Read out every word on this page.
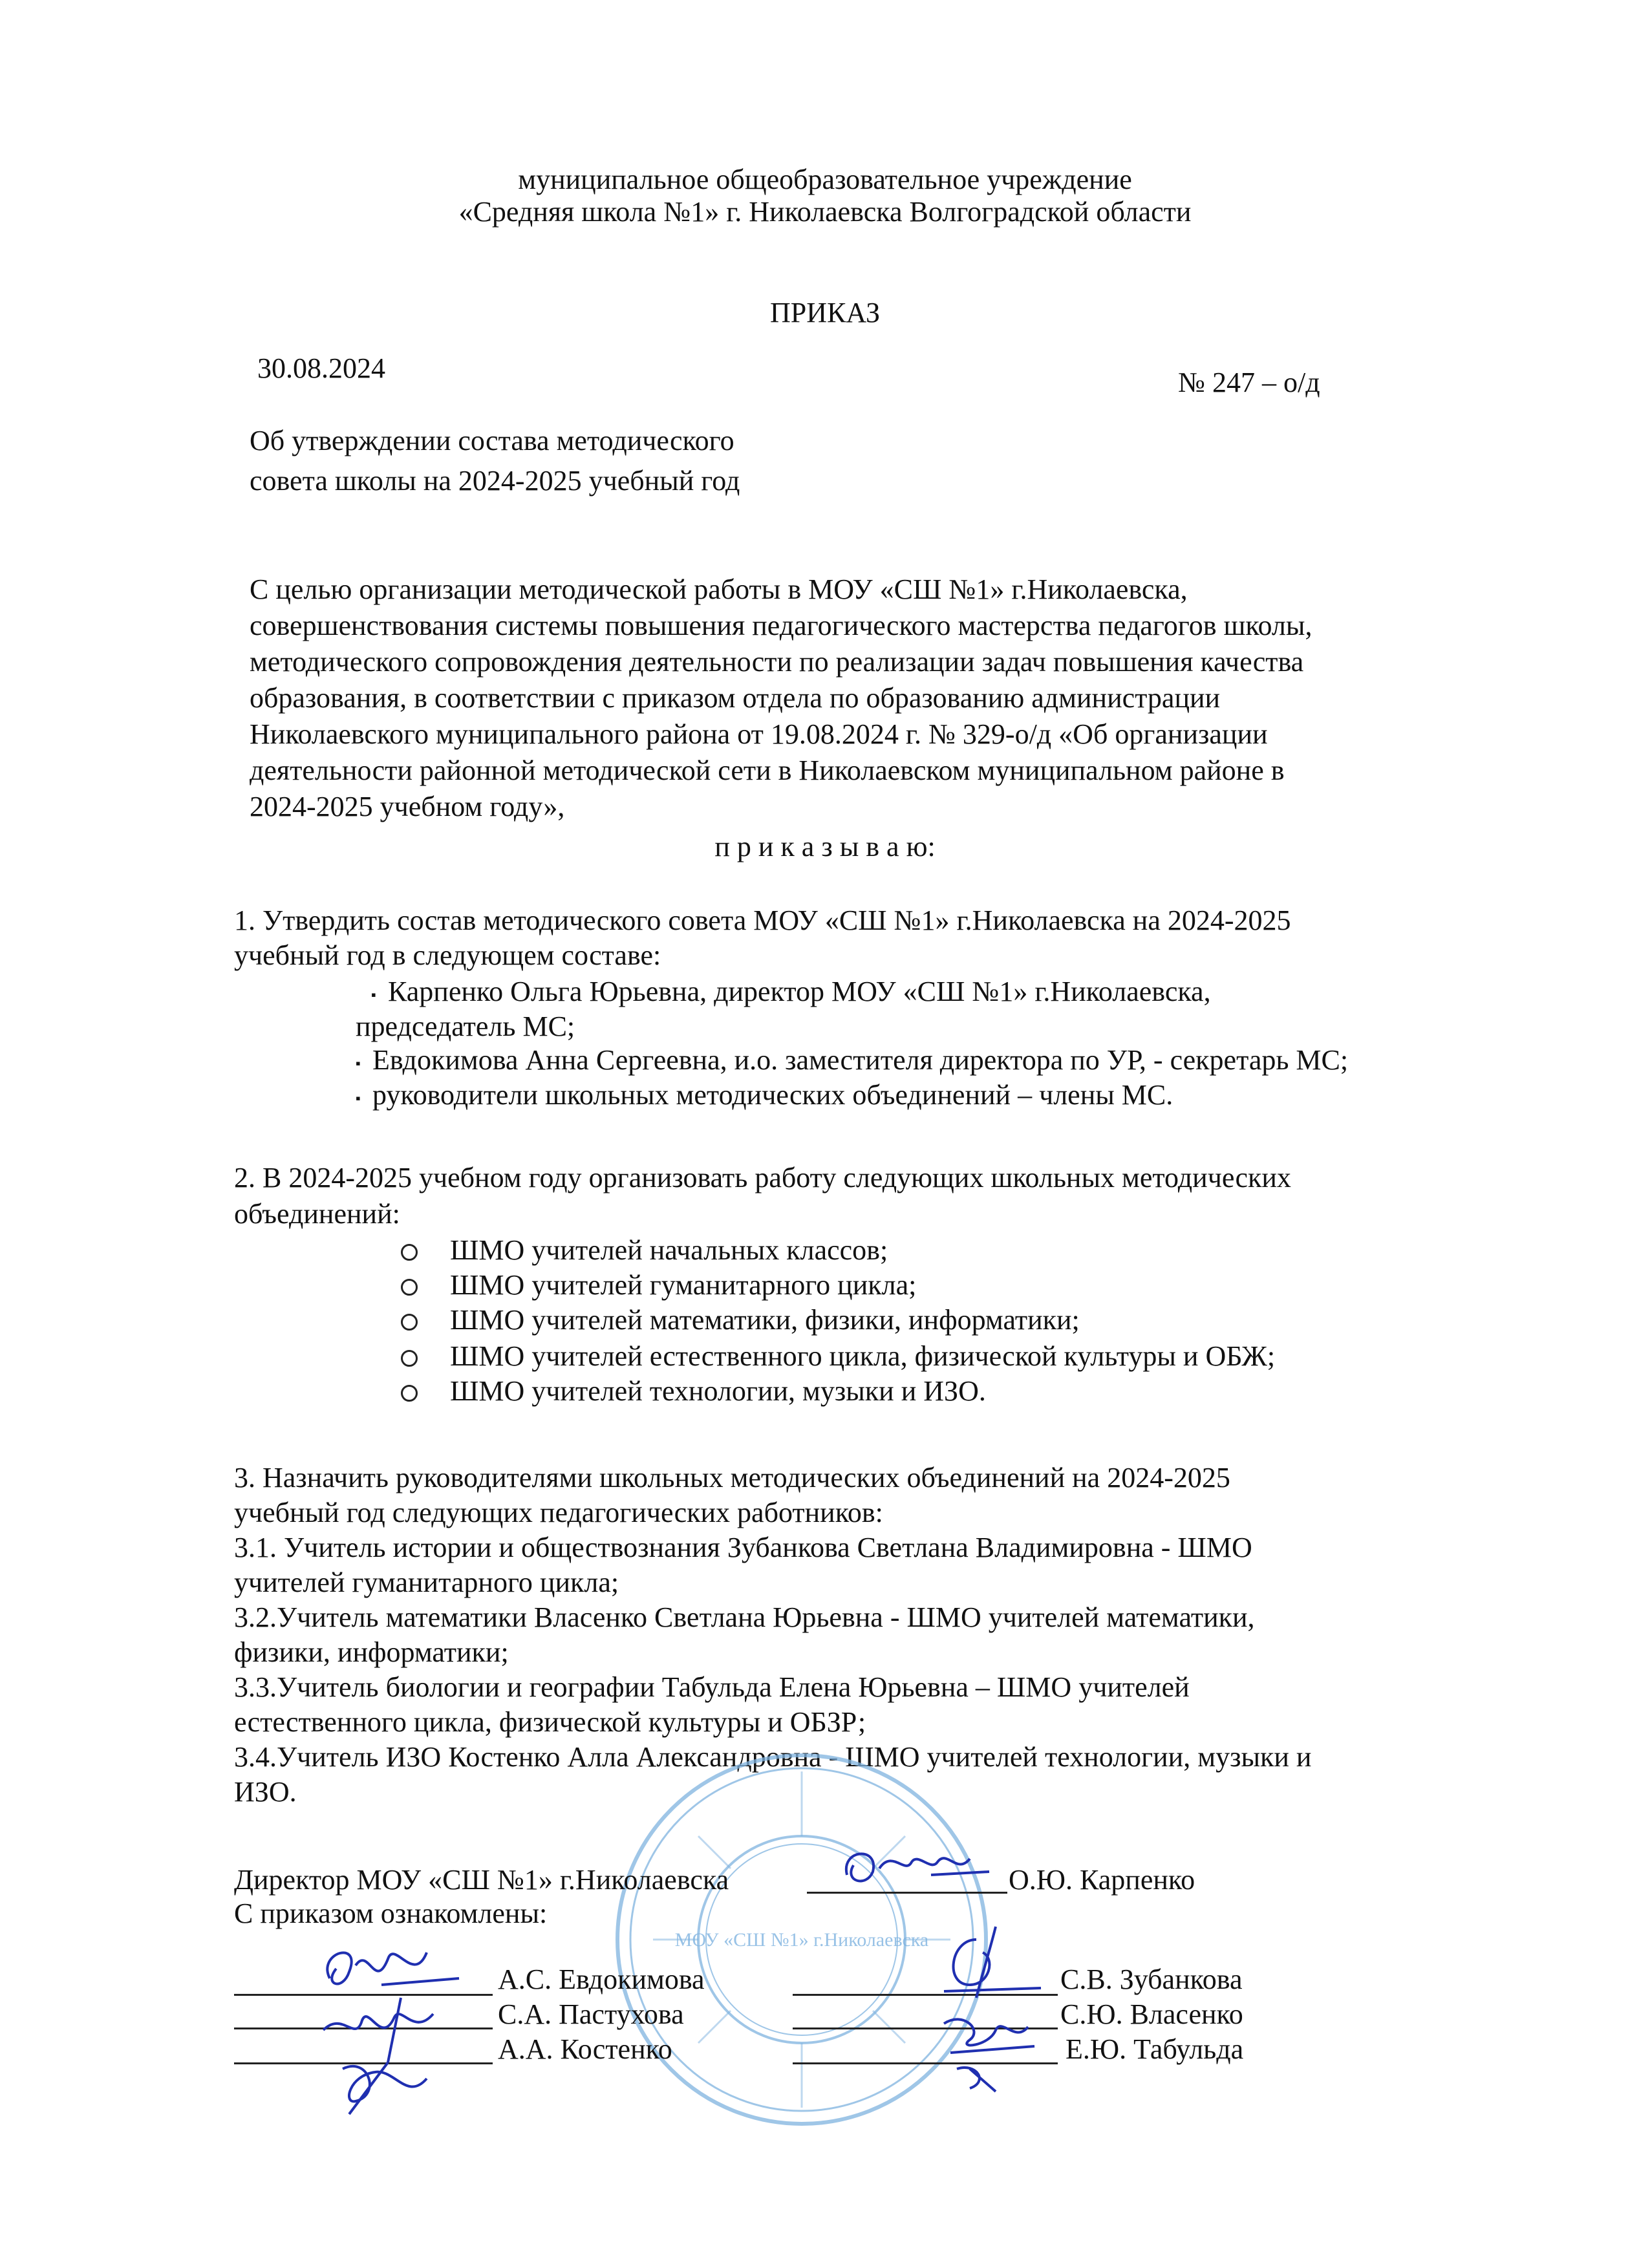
муниципальное общеобразовательное учреждение
«Средняя школа №1» г. Николаевска Волгоградской области
ПРИКАЗ
30.08.2024	№ 247 – о/д
Об утверждении состава методического
совета школы на 2024-2025 учебный год
С целью организации методической работы в МОУ «СШ №1» г.Николаевска,
совершенствования системы повышения педагогического мастерства педагогов школы,
методического сопровождения деятельности по реализации задач повышения качества
образования, в соответствии с приказом отдела по образованию администрации
Николаевского муниципального района от 19.08.2024 г. № 329-о/д «Об организации
деятельности районной методической сети в Николаевском муниципальном районе в
2024-2025 учебном году»,
п р и к а з ы в а ю:
1. Утвердить состав методического совета МОУ «СШ №1» г.Николаевска на 2024-2025
учебный год в следующем составе:
▪ Карпенко Ольга Юрьевна, директор МОУ «СШ №1» г.Николаевска,
председатель МС;
▪ Евдокимова Анна Сергеевна, и.о. заместителя директора по УР, - секретарь МС;
▪ руководители школьных методических объединений – члены МС.
2. В 2024-2025 учебном году организовать работу следующих школьных методических
объединений:
ШМО учителей начальных классов;
ШМО учителей гуманитарного цикла;
ШМО учителей математики, физики, информатики;
ШМО учителей естественного цикла, физической культуры и ОБЖ;
ШМО учителей технологии, музыки и ИЗО.
3. Назначить руководителями школьных методических объединений на 2024-2025
учебный год следующих педагогических работников:
3.1. Учитель истории и обществознания Зубанкова Светлана Владимировна - ШМО
учителей гуманитарного цикла;
3.2.Учитель математики Власенко Светлана Юрьевна - ШМО учителей математики,
физики, информатики;
3.3.Учитель биологии и географии Табульда Елена Юрьевна – ШМО учителей
естественного цикла, физической культуры и ОБЗР;
3.4.Учитель ИЗО Костенко Алла Александровна - ШМО учителей технологии, музыки и
ИЗО.
МОУ «СШ №1» г.Николаевска
Директор МОУ «СШ №1» г.Николаевска	О.Ю. Карпенко
С приказом ознакомлены:
А.С. Евдокимова
С.А. Пастухова
А.А. Костенко
С.В. Зубанкова
С.Ю. Власенко
Е.Ю. Табульда
